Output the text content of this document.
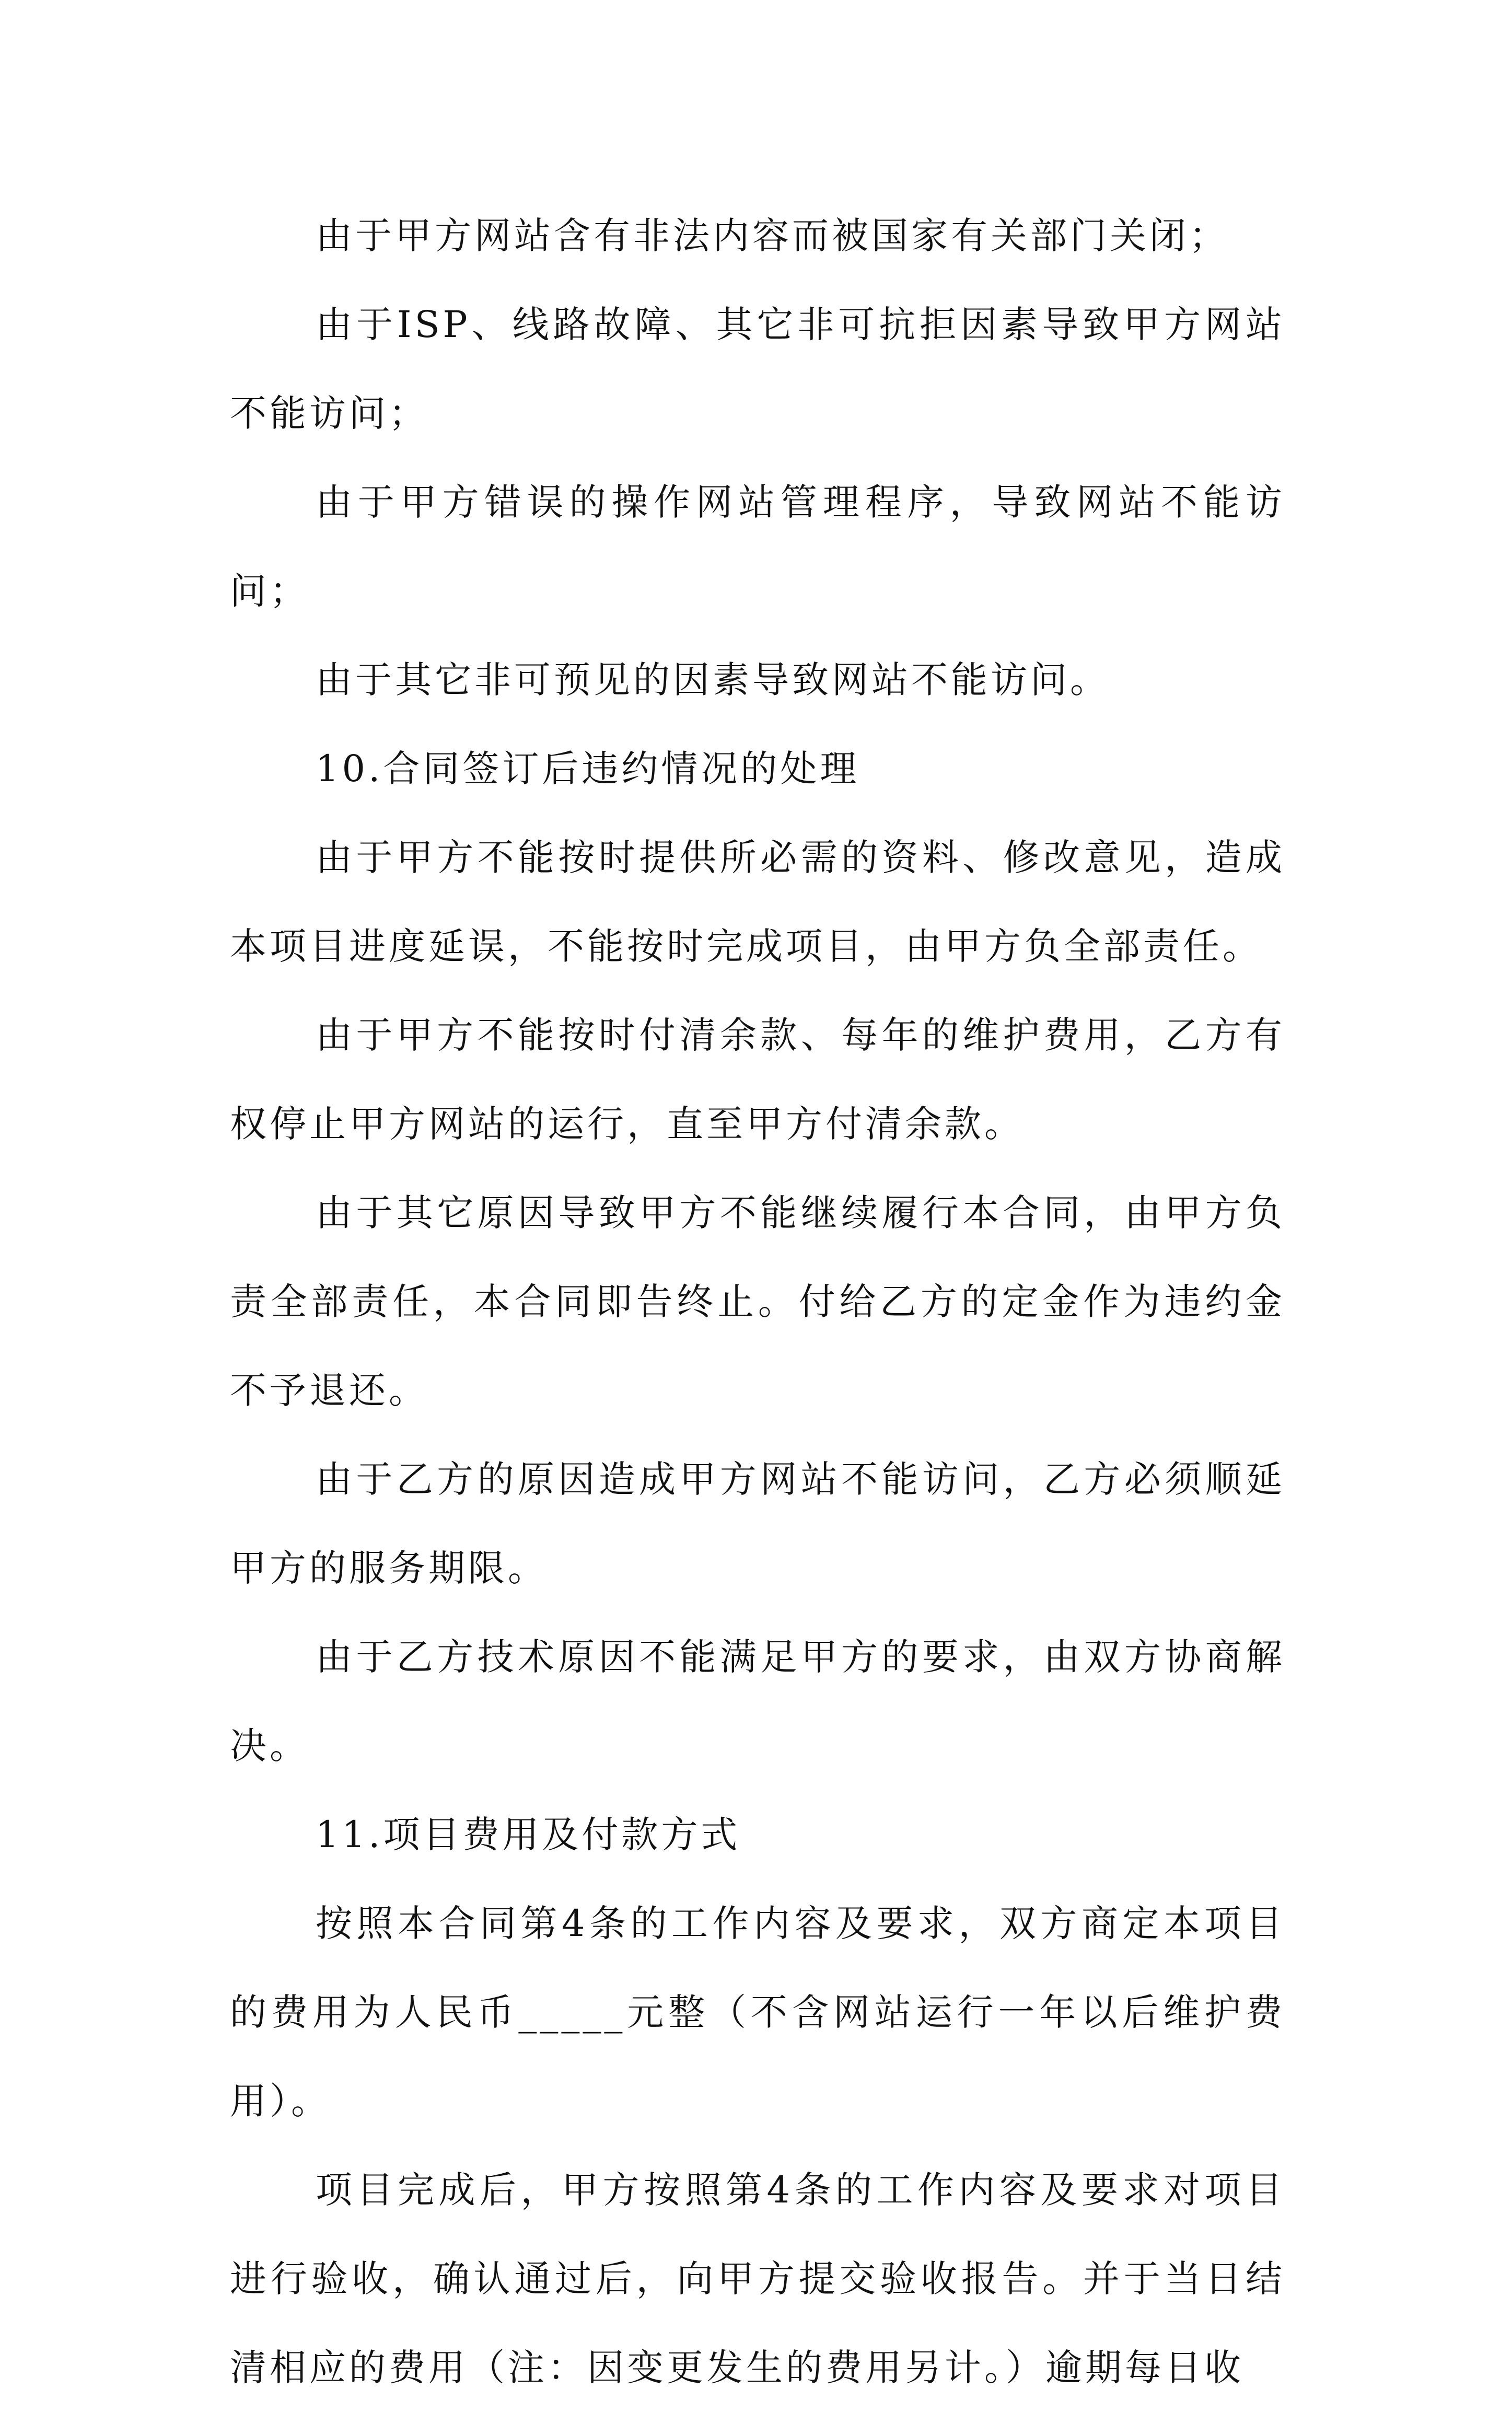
由于甲方网站含有非法内容而被国家有关部门关闭；

由于ISP、线路故障、其它非可抗拒因素导致甲方网站不能访问；

由于甲方错误的操作网站管理程序，导致网站不能访问；

由于其它非可预见的因素导致网站不能访问。

10.合同签订后违约情况的处理

由于甲方不能按时提供所必需的资料、修改意见，造成本项目进度延误，不能按时完成项目，由甲方负全部责任。

由于甲方不能按时付清余款、每年的维护费用，乙方有权停止甲方网站的运行，直至甲方付清余款。

由于其它原因导致甲方不能继续履行本合同，由甲方负责全部责任，本合同即告终止。付给乙方的定金作为违约金不予退还。

由于乙方的原因造成甲方网站不能访问，乙方必须顺延甲方的服务期限。

由于乙方技术原因不能满足甲方的要求，由双方协商解决。

11.项目费用及付款方式

按照本合同第4条的工作内容及要求，双方商定本项目的费用为人民币_____元整（不含网站运行一年以后维护费用）。

项目完成后，甲方按照第4条的工作内容及要求对项目进行验收，确认通过后，向甲方提交验收报告。并于当日结清相应的费用（注：因变更发生的费用另计。）逾期每日收
